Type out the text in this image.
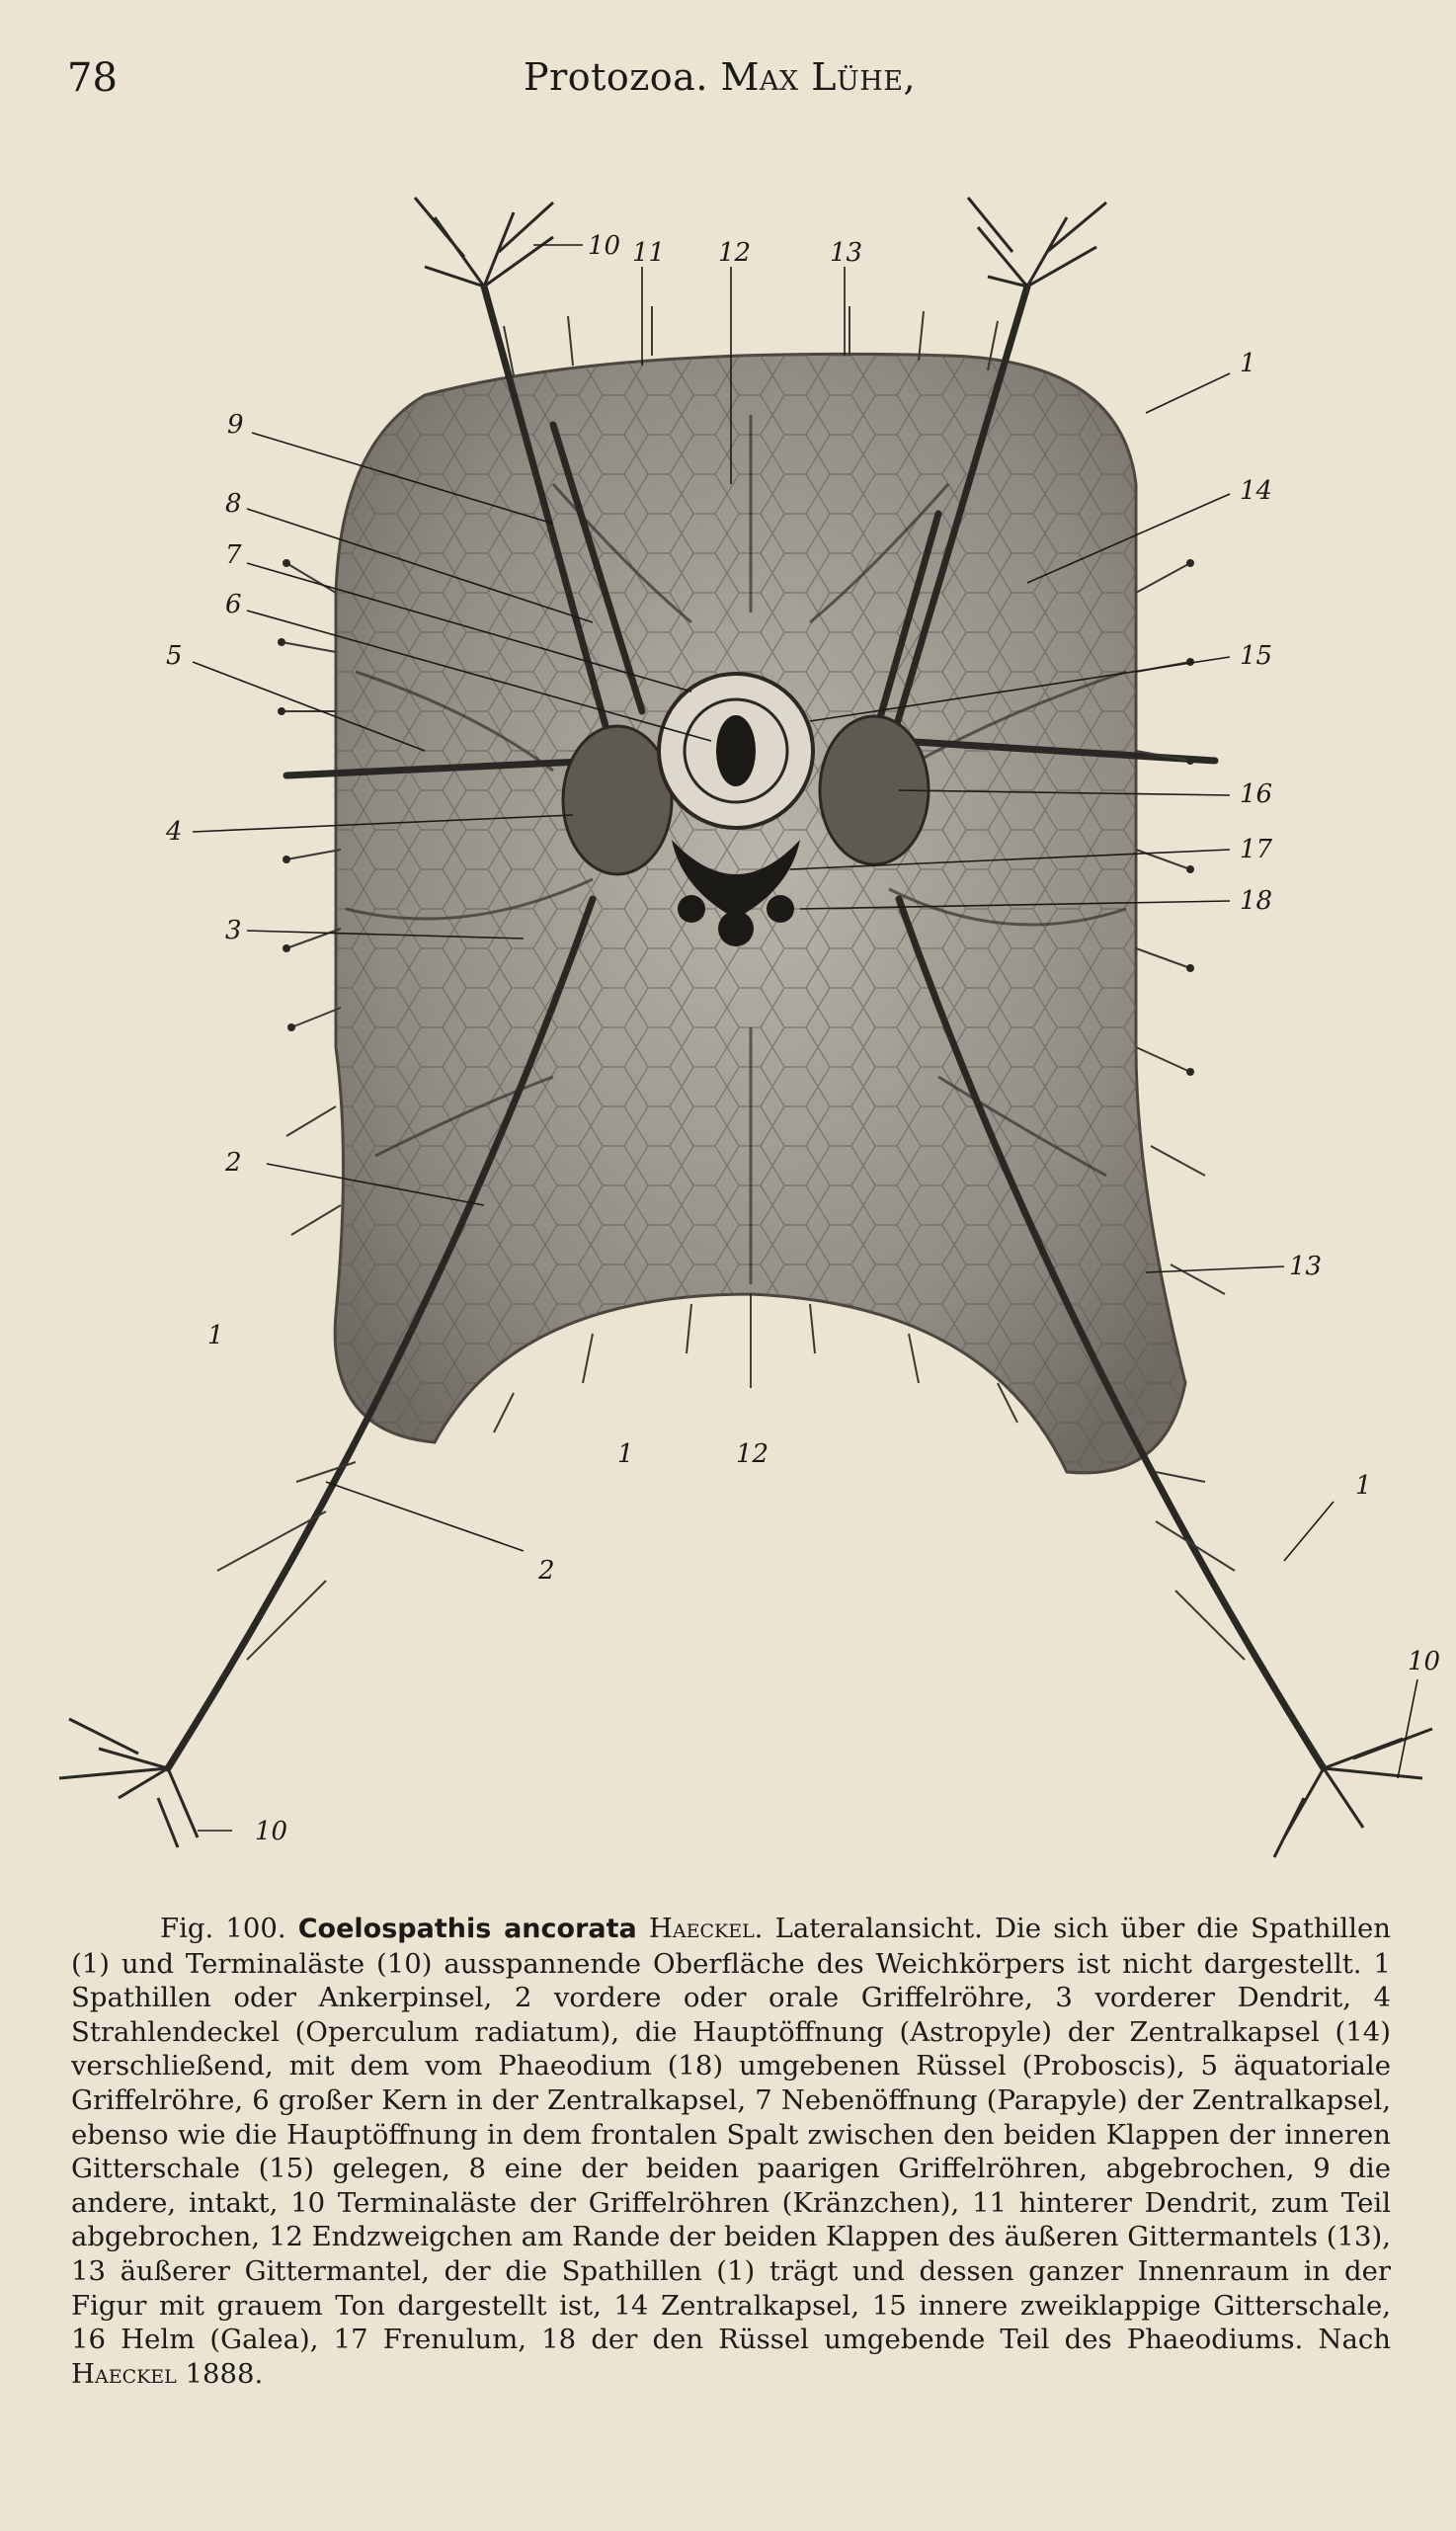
78	Protozoa. Max Lühe,
10 11 12	13
1
9
14
8
7
6
15
5
16
4
17
18
3
2
13
1
1	12
2
1
10
10

Fig. 100. Coelospathis ancorata Haeckel. Lateralansicht. Die sich über die Spathillen (1) und Terminaläste (10) ausspannende Oberfläche des Weichkörpers ist nicht dargestellt. 1 Spathillen oder Ankerpinsel, 2 vordere oder orale Griffelröhre, 3 vorderer Dendrit, 4 Strahlendeckel (Operculum radiatum), die Hauptöffnung (Astropyle) der Zentralkapsel (14) verschließend, mit dem vom Phaeodium (18) umgebenen Rüssel (Proboscis), 5 äquatoriale Griffelröhre, 6 großer Kern in der Zentralkapsel, 7 Nebenöffnung (Parapyle) der Zentralkapsel, ebenso wie die Hauptöffnung in dem frontalen Spalt zwischen den beiden Klappen der inneren Gitterschale (15) gelegen, 8 eine der beiden paarigen Griffelröhren, abgebrochen, 9 die andere, intakt, 10 Terminaläste der Griffelröhren (Kränzchen), 11 hinterer Dendrit, zum Teil abgebrochen, 12 Endzweigchen am Rande der beiden Klappen des äußeren Gittermantels (13), 13 äußerer Gittermantel, der die Spathillen (1) trägt und dessen ganzer Innenraum in der Figur mit grauem Ton dargestellt ist, 14 Zentralkapsel, 15 innere zweiklappige Gitterschale, 16 Helm (Galea), 17 Frenulum, 18 der den Rüssel umgebende Teil des Phaeodiums. Nach Haeckel 1888.
